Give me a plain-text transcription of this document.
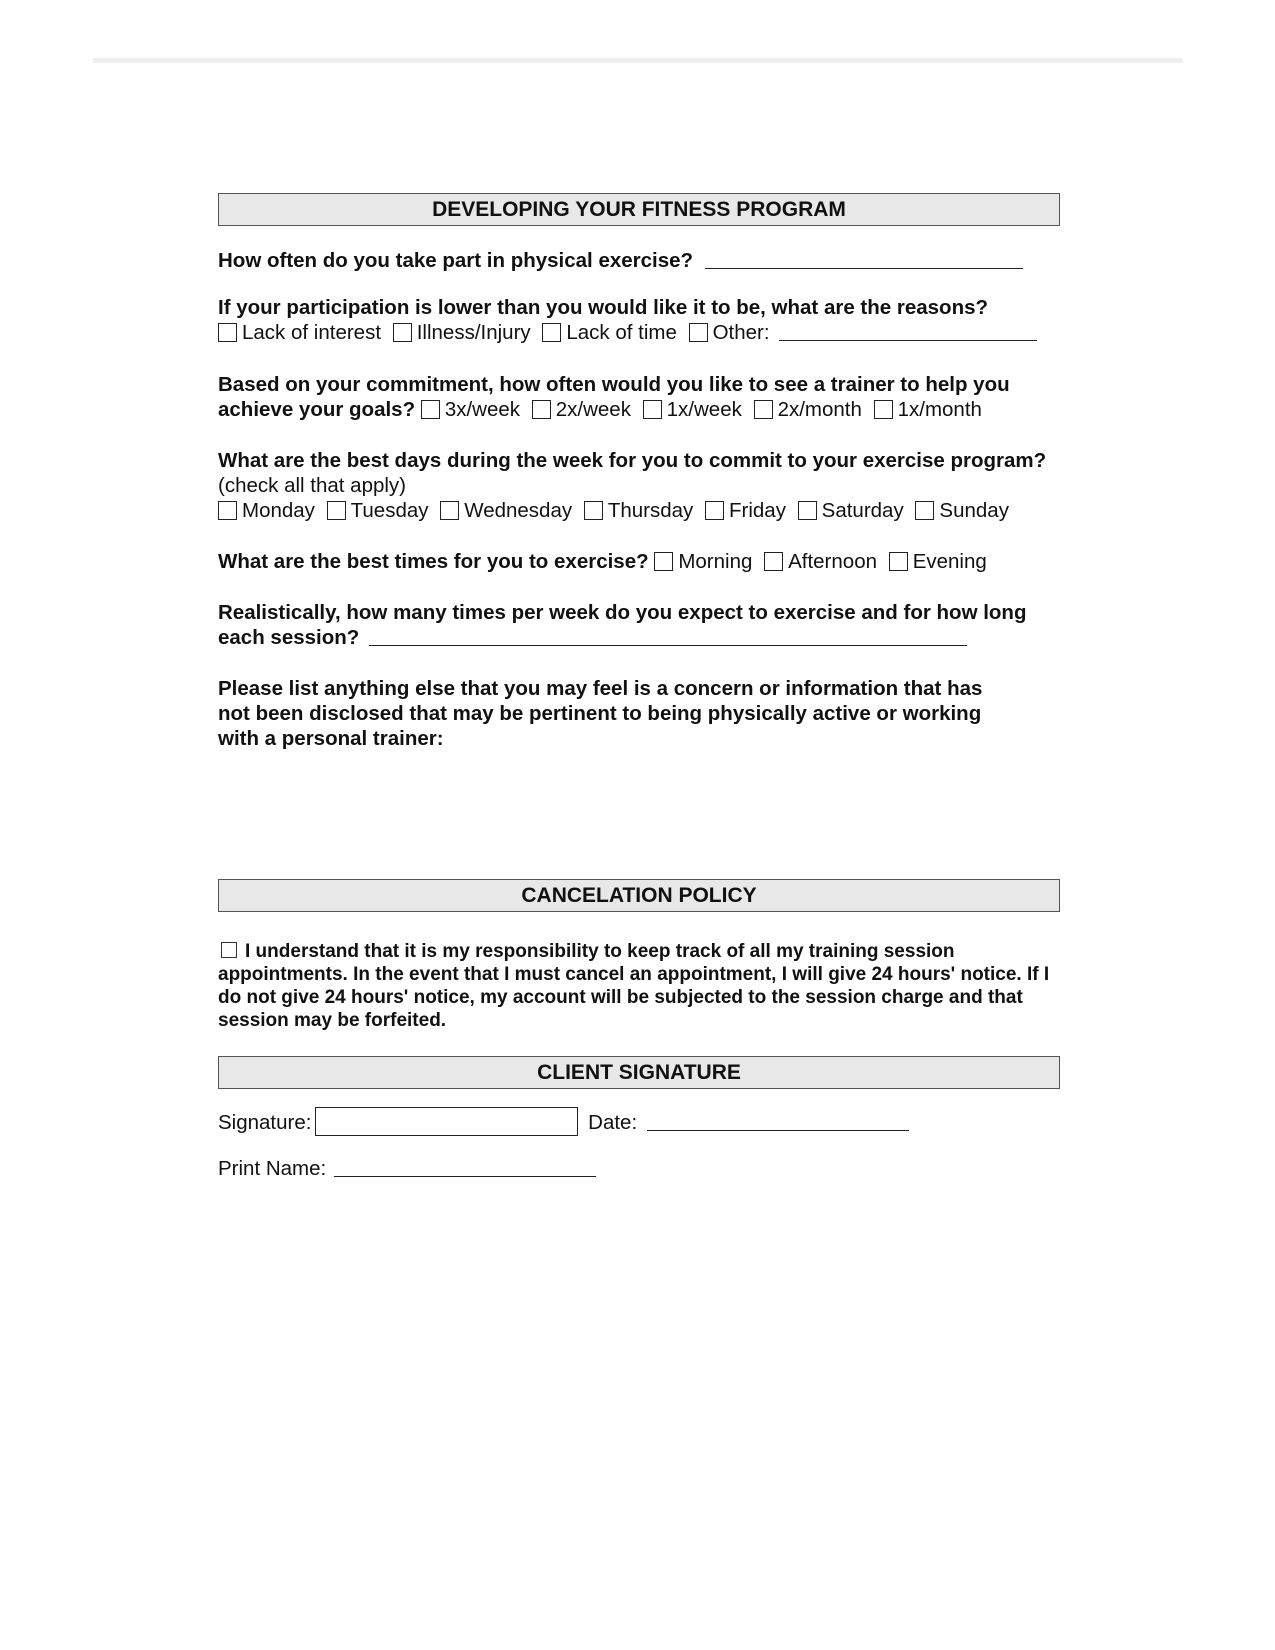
DEVELOPING YOUR FITNESS PROGRAM
How often do you take part in physical exercise?
If your participation is lower than you would like it to be, what are the reasons?
Lack of interest Illness/Injury Lack of time Other:
Based on your commitment, how often would you like to see a trainer to help you achieve your goals? 3x/week 2x/week 1x/week 2x/month 1x/month
What are the best days during the week for you to commit to your exercise program? (check all that apply)
Monday Tuesday Wednesday Thursday Friday Saturday Sunday
What are the best times for you to exercise? Morning Afternoon Evening
Realistically, how many times per week do you expect to exercise and for how long each session?
Please list anything else that you may feel is a concern or information that has not been disclosed that may be pertinent to being physically active or working with a personal trainer:
CANCELATION POLICY
I understand that it is my responsibility to keep track of all my training session appointments. In the event that I must cancel an appointment, I will give 24 hours' notice. If I do not give 24 hours' notice, my account will be subjected to the session charge and that session may be forfeited.
CLIENT SIGNATURE
Signature:	Date:
Print Name:
